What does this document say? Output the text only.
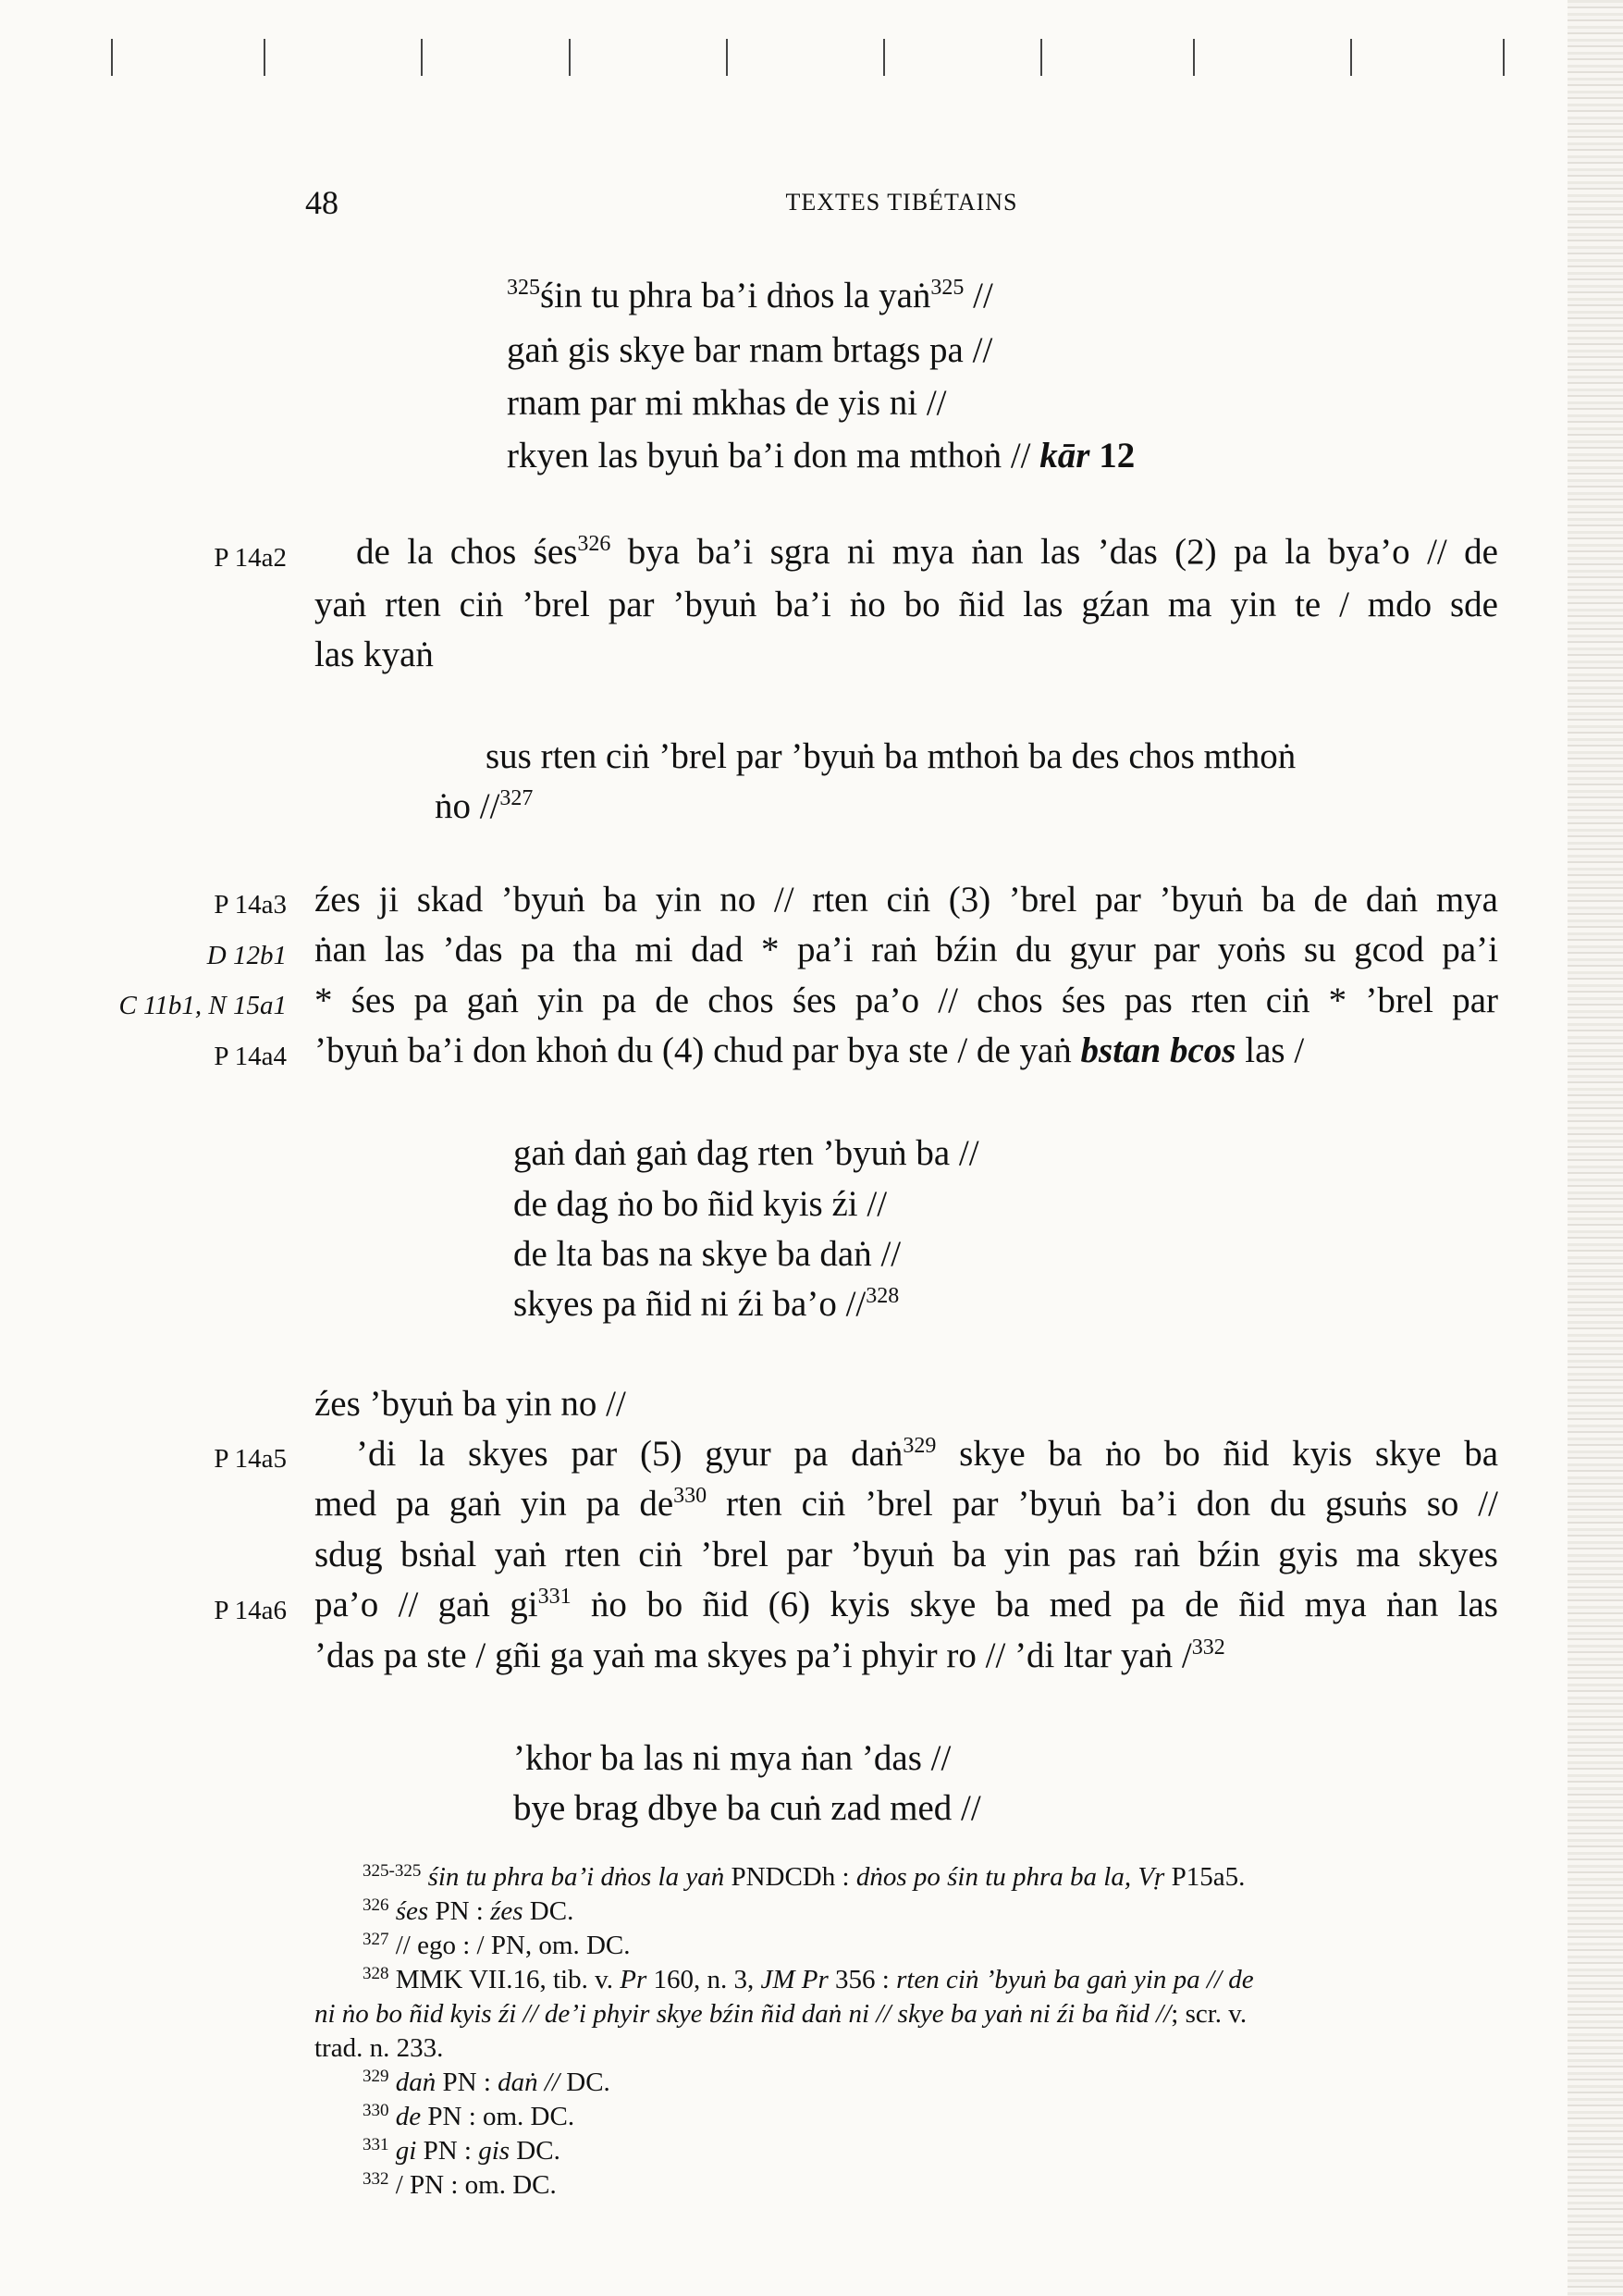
48	TEXTES TIBÉTAINS
$^{325}$śin tu phra ba’i dṅos la yaṅ$^{325}$ //
gaṅ gis skye bar rnam brtags pa //
rnam par mi mkhas de yis ni //
rkyen las byuṅ ba’i don ma mthoṅ // kār 12
P 14a2 de la chos śes$^{326}$ bya ba’i sgra ni mya ṅan las ’das (2) pa la bya’o // de
yaṅ rten ciṅ ’brel par ’byuṅ ba’i ṅo bo ñid las gźan ma yin te / mdo sde
las kyaṅ
sus rten ciṅ ’brel par ’byuṅ ba mthoṅ ba des chos mthoṅ
ṅo //$^{327}$
P 14a3
D 12b1
C 11b1, N 15a1
P 14a4
źes ji skad ’byuṅ ba yin no // rten ciṅ (3) ’brel par ’byuṅ ba de daṅ mya
ṅan las ’das pa tha mi dad * pa’i raṅ bźin du gyur par yoṅs su gcod pa’i
* śes pa gaṅ yin pa de chos śes pa’o // chos śes pas rten ciṅ * ’brel par
’byuṅ ba’i don khoṅ du (4) chud par bya ste / de yaṅ bstan bcos las /
gaṅ daṅ gaṅ dag rten ’byuṅ ba //
de dag ṅo bo ñid kyis źi //
de lta bas na skye ba daṅ //
skyes pa ñid ni źi ba’o //$^{328}$
źes ’byuṅ ba yin no //
P 14a5
P 14a6
’di la skyes par (5) gyur pa daṅ$^{329}$ skye ba ṅo bo ñid kyis skye ba
med pa gaṅ yin pa $de^{330}$ rten ciṅ ’brel par ’byuṅ ba’i don du gsuṅs so //
sdug bsṅal yaṅ rten ciṅ ’brel par ’byuṅ ba yin pas raṅ bźin gyis ma skyes
pa’o // gaṅ $gi^{331}$ ṅo bo ñid (6) kyis skye ba med pa de ñid mya ṅan las
’das pa ste / gñi ga yaṅ ma skyes pa’i phyir ro // ’di ltar yaṅ /$^{332}$
’khor ba las ni mya ṅan ’das //
bye brag dbye ba cuṅ zad med //
$^{325-325}$ śin tu phra ba’i dṅos la yaṅ PNDCDh : dṅos po śin tu phra ba la, Vṛ P15a5.
$^{326}$ śes PN : źes DC.
$^{327}$ // ego : / PN, om. DC.
$^{328}$ MMK VII.16, tib. v. Pr 160, n. 3, JM Pr 356 : rten ciṅ ’byuṅ ba gaṅ yin pa // de
ni ṅo bo ñid kyis źi // de’i phyir skye bźin ñid daṅ ni // skye ba yaṅ ni źi ba ñid //; scr. v.
trad. n. 233.
$^{329}$ daṅ PN : daṅ // DC.
$^{330}$ de PN : om. DC.
$^{331}$ gi PN : gis DC.
$^{332}$ / PN : om. DC.
